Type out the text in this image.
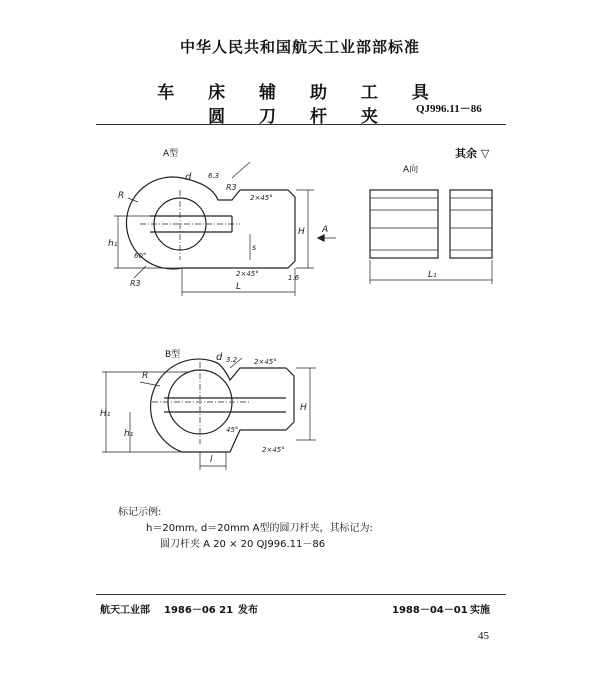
中华人民共和国航天工业部部标准
车 床 辅 助 工 具
圆 刀 杆 夹	QJ996.11－86
A型
A向
其余 ▽
B型
d
R
R3
2×45°
h₁
60°
R3
H A
s
2×45°
L
1.6
6.3
L₁
d
R
2×45°
H₁
h₁
H
45°
2×45°
l
3.2
标记示例:
h＝20mm, d＝20mm A型的圆刀杆夹，其标记为:
圆刀杆夹 A 20 × 20 QJ996.11－86
航天工业部 1986－06 21 发布	1988－04－01 实施
45
